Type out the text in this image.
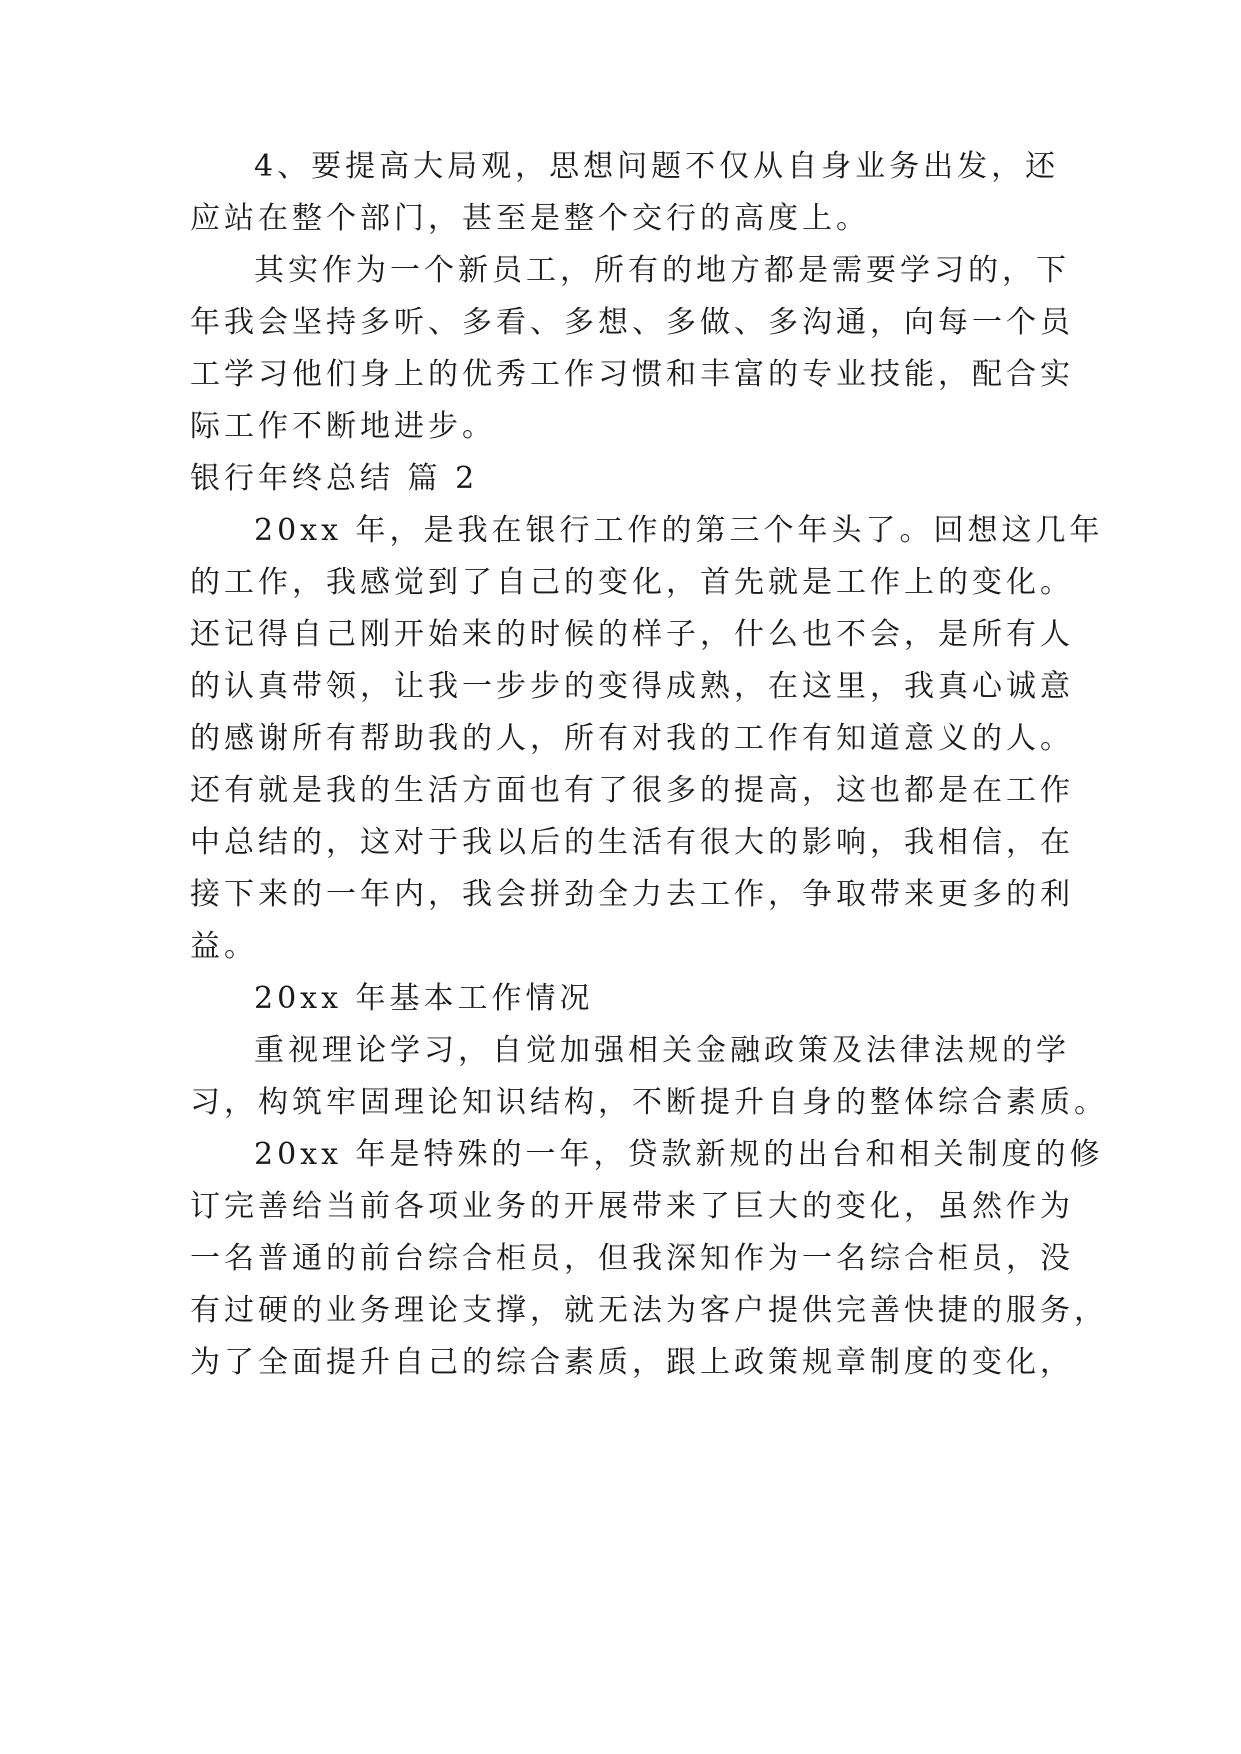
4、要提高大局观，思想问题不仅从自身业务出发，还
应站在整个部门，甚至是整个交行的高度上。
其实作为一个新员工，所有的地方都是需要学习的，下
年我会坚持多听、多看、多想、多做、多沟通，向每一个员
工学习他们身上的优秀工作习惯和丰富的专业技能，配合实
际工作不断地进步。
银行年终总结 篇 2
20xx 年，是我在银行工作的第三个年头了。回想这几年
的工作，我感觉到了自己的变化，首先就是工作上的变化。
还记得自己刚开始来的时候的样子，什么也不会，是所有人
的认真带领，让我一步步的变得成熟，在这里，我真心诚意
的感谢所有帮助我的人，所有对我的工作有知道意义的人。
还有就是我的生活方面也有了很多的提高，这也都是在工作
中总结的，这对于我以后的生活有很大的影响，我相信，在
接下来的一年内，我会拼劲全力去工作，争取带来更多的利
益。
20xx 年基本工作情况
重视理论学习，自觉加强相关金融政策及法律法规的学
习，构筑牢固理论知识结构，不断提升自身的整体综合素质。
20xx 年是特殊的一年，贷款新规的出台和相关制度的修
订完善给当前各项业务的开展带来了巨大的变化，虽然作为
一名普通的前台综合柜员，但我深知作为一名综合柜员，没
有过硬的业务理论支撑，就无法为客户提供完善快捷的服务，
为了全面提升自己的综合素质，跟上政策规章制度的变化，
